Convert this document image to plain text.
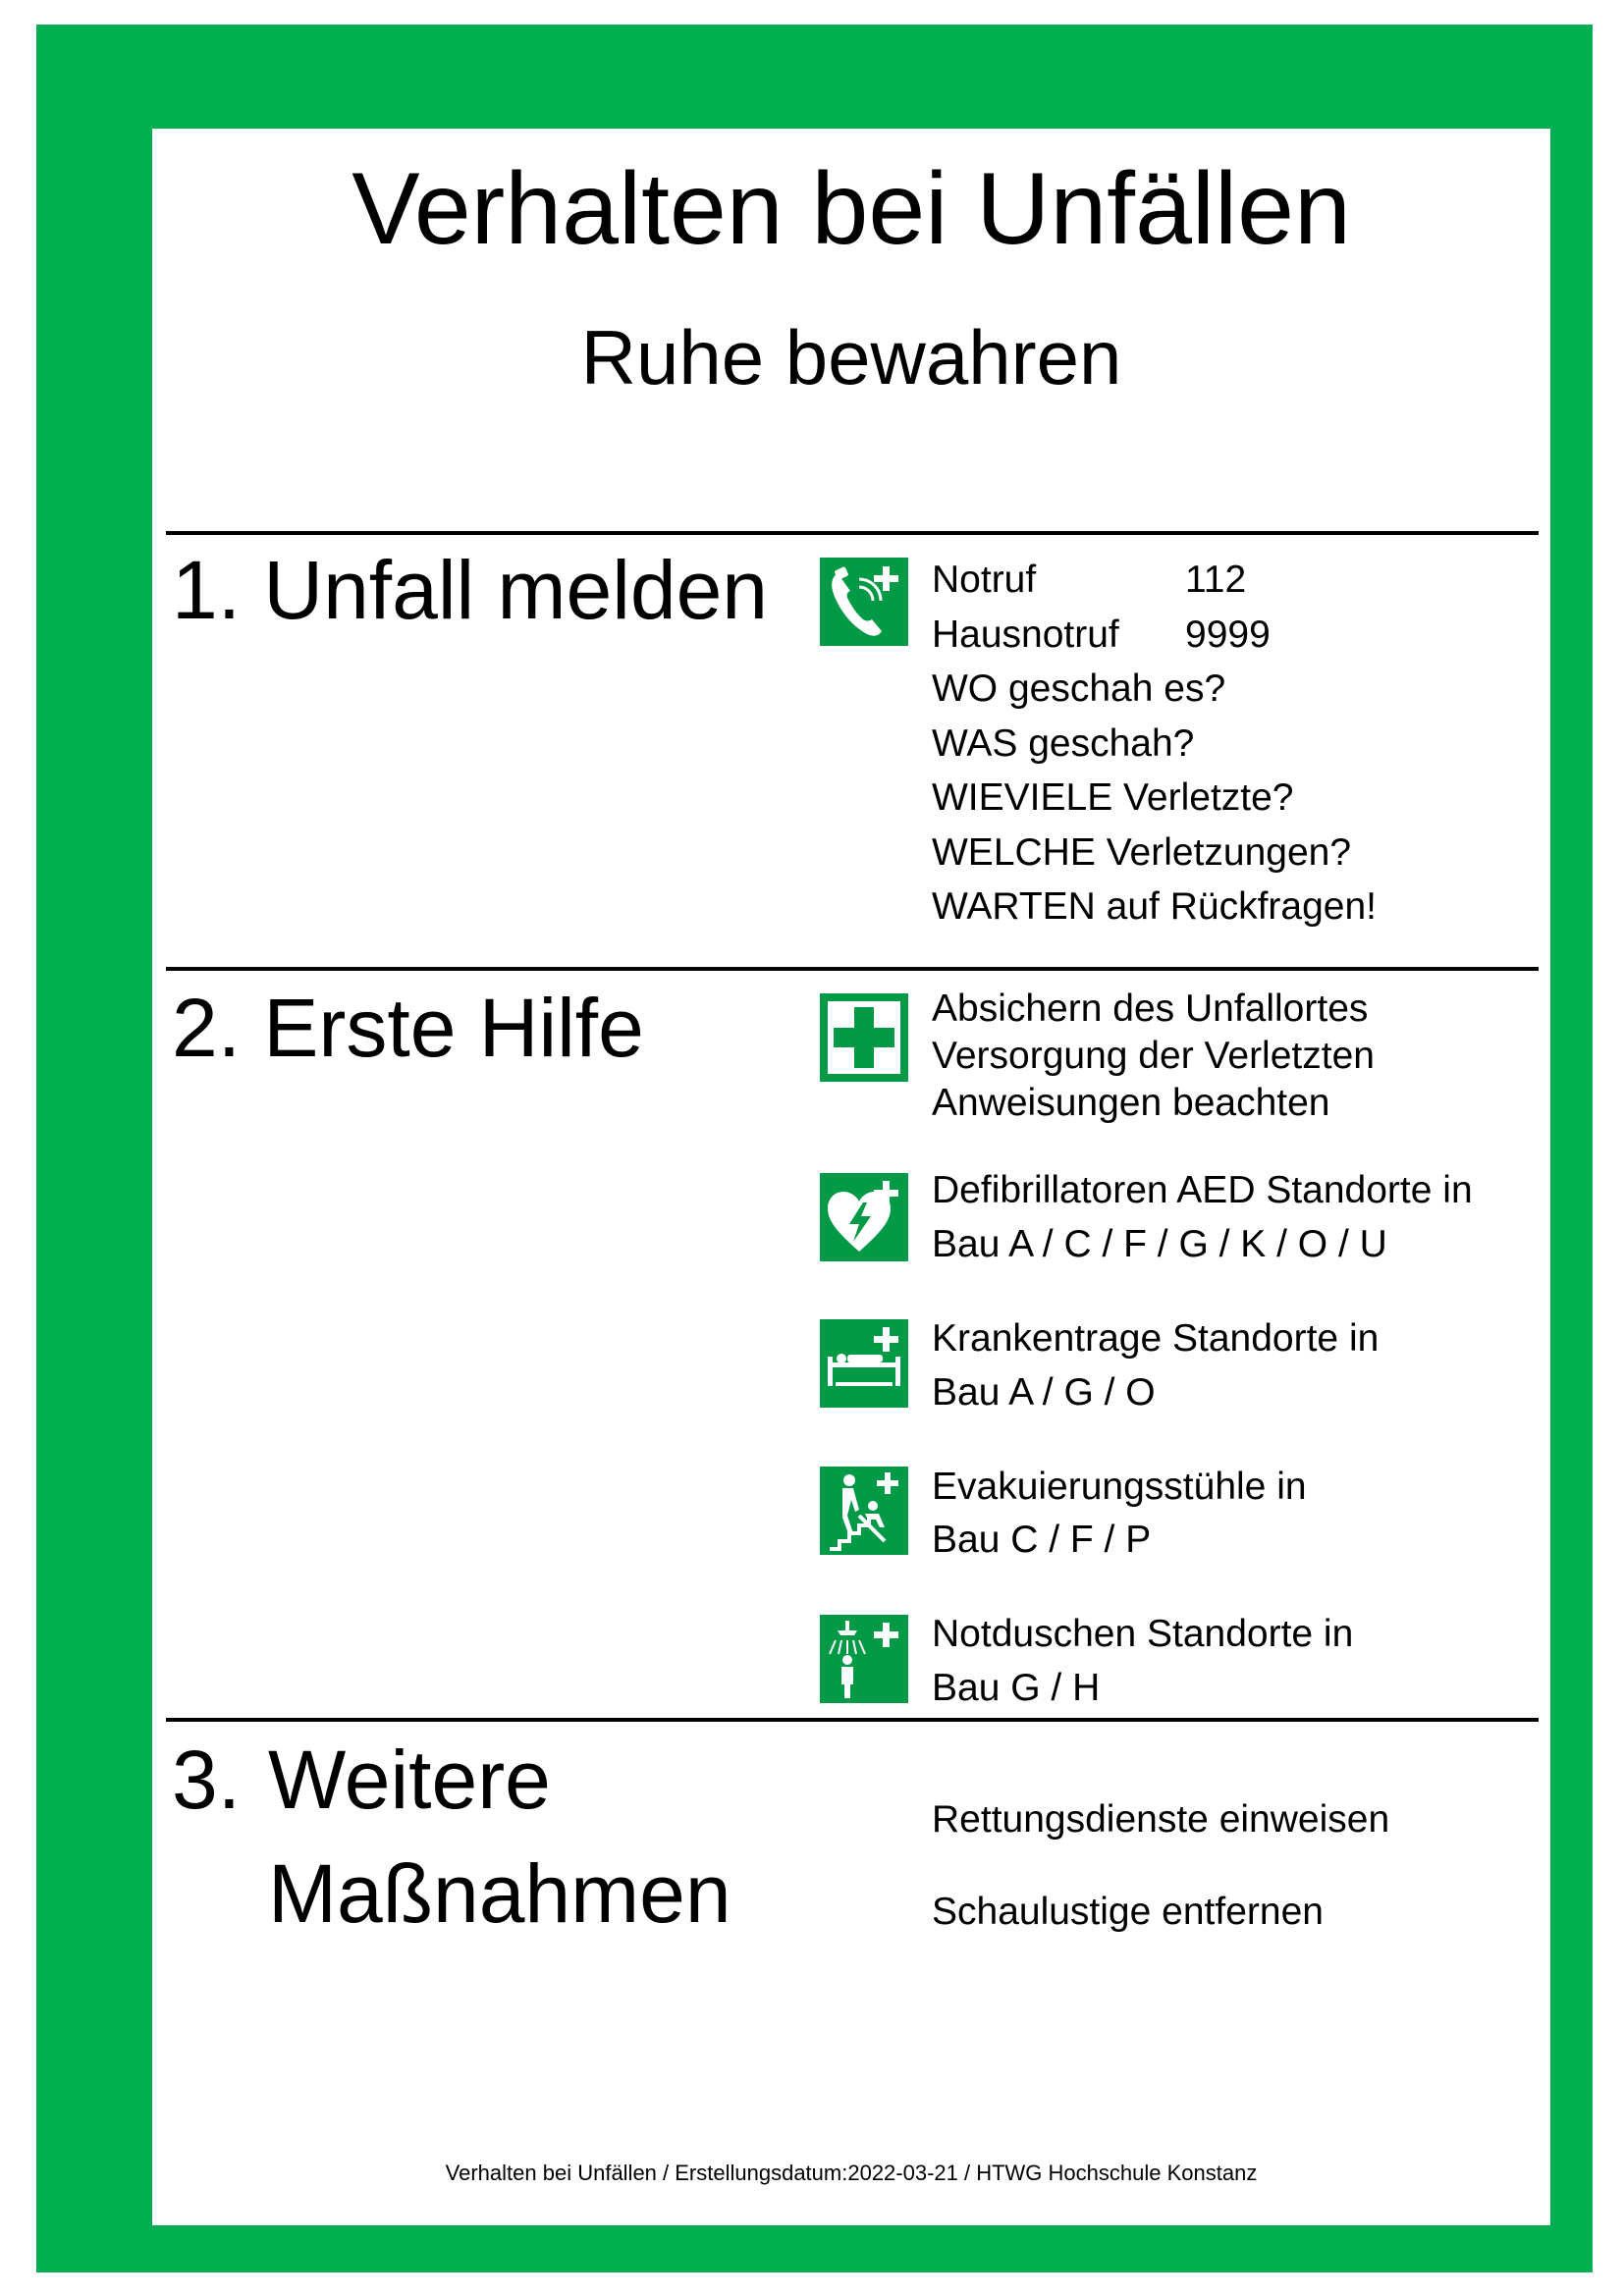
Verhalten bei Unfällen
Ruhe bewahren
1. Unfall melden	Notruf	112
Hausnotruf 9999
WO geschah es?
WAS geschah?
WIEVIELE Verletzte?
WELCHE Verletzungen?
WARTEN auf Rückfragen!
2. Erste Hilfe	Absichern des Unfallortes
Versorgung der Verletzten
Anweisungen beachten
Defibrillatoren AED Standorte in
Bau A / C / F / G / K / O / U
Krankentrage Standorte in
Bau A / G / O
Evakuierungsstühle in
Bau C / F / P
Notduschen Standorte in
Bau G / H
3. Weitere
Maßnahmen
Rettungsdienste einweisen
Schaulustige entfernen
Verhalten bei Unfällen / Erstellungsdatum:2022-03-21 / HTWG Hochschule Konstanz
